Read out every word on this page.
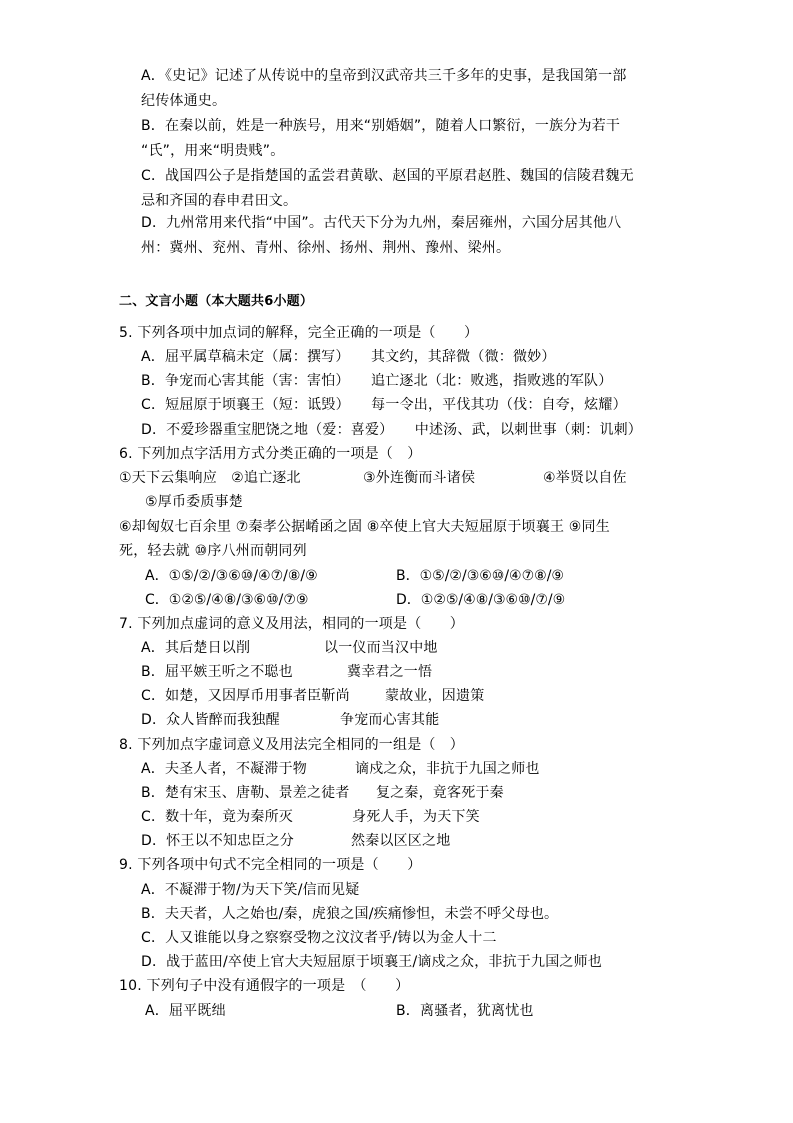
A．《史记》记述了从传说中的皇帝到汉武帝共三千多年的史事，是我国第一部
纪传体通史。
B．在秦以前，姓是一种族号，用来“别婚姻”，随着人口繁衍，一族分为若干
“氏”，用来“明贵贱”。
C．战国四公子是指楚国的孟尝君黄歇、赵国的平原君赵胜、魏国的信陵君魏无
忌和齐国的春申君田文。
D．九州常用来代指“中国”。古代天下分为九州，秦居雍州，六国分居其他八
州：冀州、兖州、青州、徐州、扬州、荆州、豫州、梁州。
二、文言小题（本大题共6小题）
5. 下列各项中加点词的解释，完全正确的一项是（　　）
A．屈平属草稿未定（属：撰写）　　其文约，其辞微（微：微妙）
B．争宠而心害其能（害：害怕）　　追亡逐北（北：败逃，指败逃的军队）
C．短屈原于顷襄王（短：诋毁）　　每一令出，平伐其功（伐：自夸，炫耀）
D．不爱珍器重宝肥饶之地（爱：喜爱）　　中述汤、武，以刺世事（刺：讥刺）
6. 下列加点字活用方式分类正确的一项是（　）
①天下云集响应　②追亡逐北	③外连衡而斗诸侯	④举贤以自佐
⑤厚币委质事楚
⑥却匈奴七百余里 ⑦秦孝公据崤函之固 ⑧卒使上官大夫短屈原于顷襄王 ⑨同生
死，轻去就 ⑩序八州而朝同列
A．①⑤/②/③⑥⑩/④⑦/⑧/⑨	B．①⑤/②/③⑥⑩/④⑦⑧/⑨
C．①②⑤/④⑧/③⑥⑩/⑦⑨	D．①②⑤/④⑧/③⑥⑩/⑦/⑨
7. 下列加点虚词的意义及用法，相同的一项是（　　）
A．其后楚日以削	以一仪而当汉中地
B．屈平嫉王听之不聪也	冀幸君之一悟
C．如楚，又因厚币用事者臣靳尚	蒙故业，因遗策
D．众人皆醉而我独醒	争宠而心害其能
8. 下列加点字虚词意义及用法完全相同的一组是（　）
A．夫圣人者，不凝滞于物	谪戍之众，非抗于九国之师也
B．楚有宋玉、唐勒、景差之徒者 复之秦，竟客死于秦
C．数十年，竟为秦所灭	身死人手，为天下笑
D．怀王以不知忠臣之分	然秦以区区之地
9. 下列各项中句式不完全相同的一项是（　　）
A．不凝滞于物/为天下笑/信而见疑
B．夫天者，人之始也/秦，虎狼之国/疾痛惨怛，未尝不呼父母也。
C．人又谁能以身之察察受物之汶汶者乎/铸以为金人十二
D．战于蓝田/卒使上官大夫短屈原于顷襄王/谪戍之众，非抗于九国之师也
10. 下列句子中没有通假字的一项是　（　　）
A．屈平既绌	B．离骚者，犹离忧也
